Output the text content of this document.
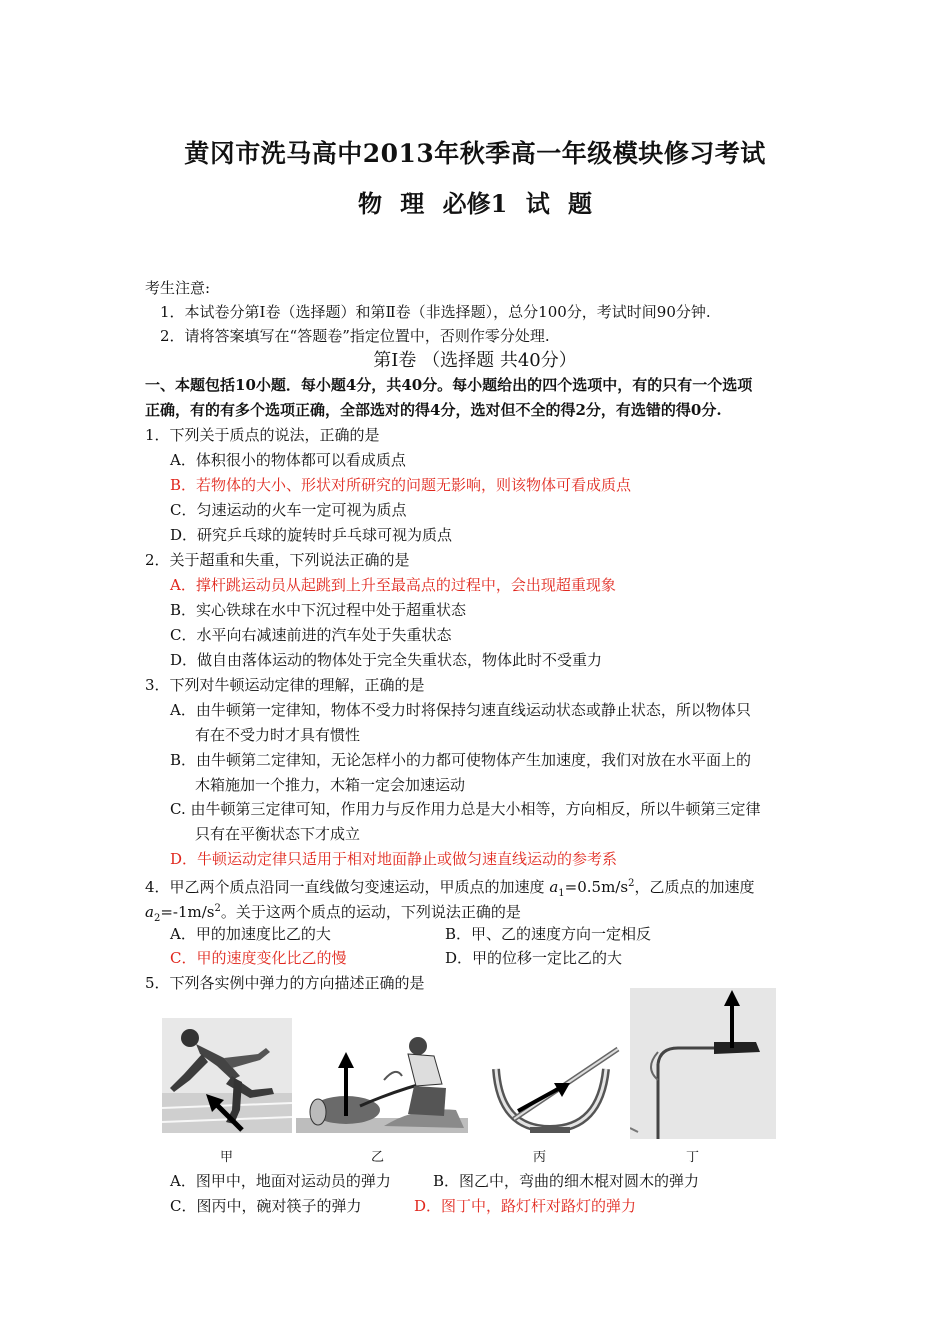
黄冈市洗马高中2013年秋季高一年级模块修习考试
物 理 必修1 试 题
考生注意:
1．本试卷分第Ⅰ卷（选择题）和第Ⅱ卷（非选择题），总分100分，考试时间90分钟.
2．请将答案填写在“答题卷”指定位置中，否则作零分处理.
第Ⅰ卷 （选择题 共40分）
一、本题包括10小题．每小题4分，共40分。每小题给出的四个选项中，有的只有一个选项
正确，有的有多个选项正确，全部选对的得4分，选对但不全的得2分，有选错的得0分.
1．下列关于质点的说法，正确的是
A．体积很小的物体都可以看成质点
B．若物体的大小、形状对所研究的问题无影响，则该物体可看成质点
C．匀速运动的火车一定可视为质点
D．研究乒乓球的旋转时乒乓球可视为质点
2．关于超重和失重，下列说法正确的是
A．撑杆跳运动员从起跳到上升至最高点的过程中，会出现超重现象
B．实心铁球在水中下沉过程中处于超重状态
C．水平向右减速前进的汽车处于失重状态
D．做自由落体运动的物体处于完全失重状态，物体此时不受重力
3．下列对牛顿运动定律的理解，正确的是
A．由牛顿第一定律知，物体不受力时将保持匀速直线运动状态或静止状态，所以物体只
有在不受力时才具有惯性
B．由牛顿第二定律知，无论怎样小的力都可使物体产生加速度，我们对放在水平面上的
木箱施加一个推力，木箱一定会加速运动
C. 由牛顿第三定律可知，作用力与反作用力总是大小相等，方向相反，所以牛顿第三定律
只有在平衡状态下才成立
D．牛顿运动定律只适用于相对地面静止或做匀速直线运动的参考系
4．甲乙两个质点沿同一直线做匀变速运动，甲质点的加速度 $a_1=0.5m/s^2$，乙质点的加速度
$a_2=-1m/s^2$。关于这两个质点的运动，下列说法正确的是
A．甲的加速度比乙的大	B．甲、乙的速度方向一定相反
C．甲的速度变化比乙的慢	D．甲的位移一定比乙的大
5．下列各实例中弹力的方向描述正确的是
甲	乙	丙	丁
A．图甲中，地面对运动员的弹力	B．图乙中，弯曲的细木棍对圆木的弹力
C．图丙中，碗对筷子的弹力	D．图丁中，路灯杆对路灯的弹力
